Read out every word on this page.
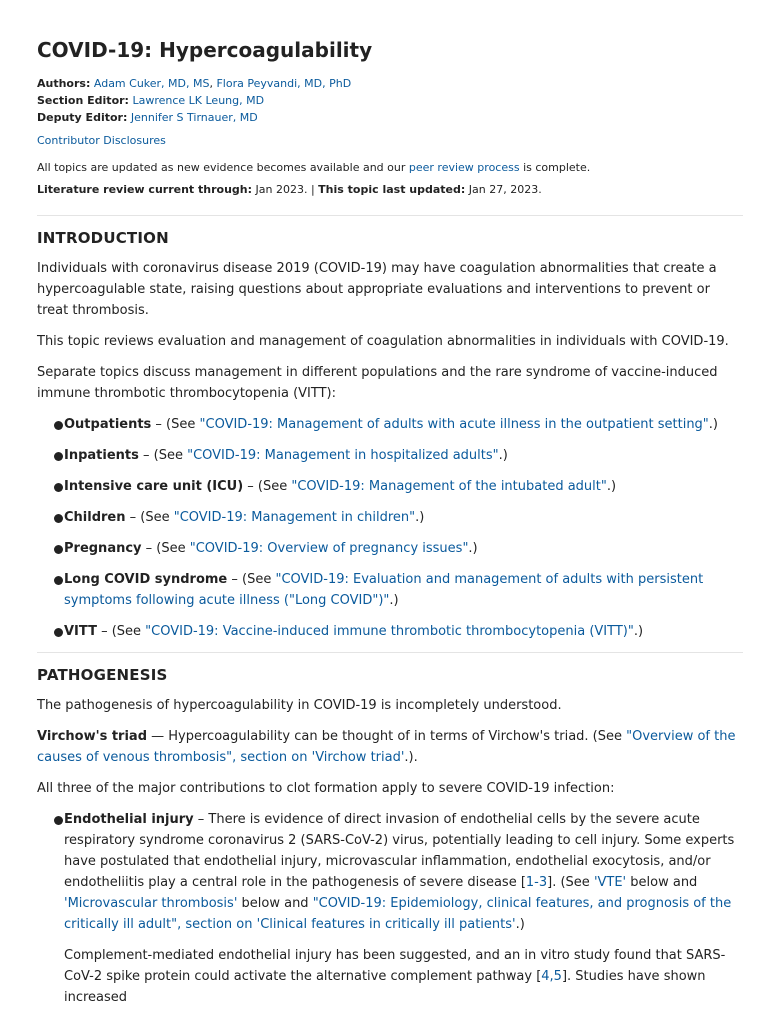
COVID-19: Hypercoagulability
Authors: Adam Cuker, MD, MS, Flora Peyvandi, MD, PhD
Section Editor: Lawrence LK Leung, MD
Deputy Editor: Jennifer S Tirnauer, MD
Contributor Disclosures
All topics are updated as new evidence becomes available and our peer review process is complete.
Literature review current through: Jan 2023. | This topic last updated: Jan 27, 2023.
INTRODUCTION

Individuals with coronavirus disease 2019 (COVID-19) may have coagulation abnormalities that create a hypercoagulable state, raising questions about appropriate evaluations and interventions to prevent or treat thrombosis.

This topic reviews evaluation and management of coagulation abnormalities in individuals with COVID-19.

Separate topics discuss management in different populations and the rare syndrome of vaccine-induced immune thrombotic thrombocytopenia (VITT):

Outpatients – (See "COVID-19: Management of adults with acute illness in the outpatient setting".)
Inpatients – (See "COVID-19: Management in hospitalized adults".)
Intensive care unit (ICU) – (See "COVID-19: Management of the intubated adult".)
Children – (See "COVID-19: Management in children".)
Pregnancy – (See "COVID-19: Overview of pregnancy issues".)
Long COVID syndrome – (See "COVID-19: Evaluation and management of adults with persistent symptoms following acute illness ("Long COVID")".)
VITT – (See "COVID-19: Vaccine-induced immune thrombotic thrombocytopenia (VITT)".)
PATHOGENESIS

The pathogenesis of hypercoagulability in COVID-19 is incompletely understood.

Virchow's triad — Hypercoagulability can be thought of in terms of Virchow's triad. (See "Overview of the causes of venous thrombosis", section on 'Virchow triad'.).

All three of the major contributions to clot formation apply to severe COVID-19 infection:

Endothelial injury – There is evidence of direct invasion of endothelial cells by the severe acute respiratory syndrome coronavirus 2 (SARS-CoV-2) virus, potentially leading to cell injury. Some experts have postulated that endothelial injury, microvascular inflammation, endothelial exocytosis, and/or endotheliitis play a central role in the pathogenesis of severe disease [1-3]. (See 'VTE' below and 'Microvascular thrombosis' below and "COVID-19: Epidemiology, clinical features, and prognosis of the critically ill adult", section on 'Clinical features in critically ill patients'.)

Complement-mediated endothelial injury has been suggested, and an in vitro study found that SARS-CoV-2 spike protein could activate the alternative complement pathway [4,5]. Studies have shown increased
